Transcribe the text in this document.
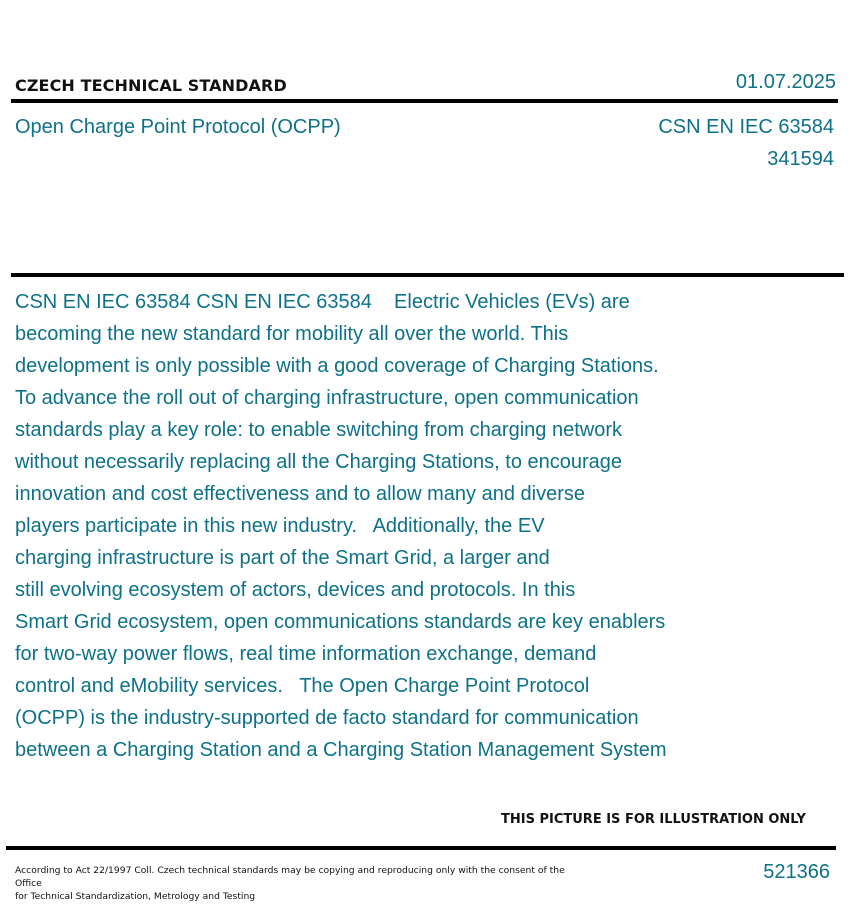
CZECH TECHNICAL STANDARD	01.07.2025
Open Charge Point Protocol (OCPP)	CSN EN IEC 63584
341594
CSN EN IEC 63584 CSN EN IEC 63584    Electric Vehicles (EVs) are
becoming the new standard for mobility all over the world. This
development is only possible with a good coverage of Charging Stations.
To advance the roll out of charging infrastructure, open communication
standards play a key role: to enable switching from charging network
without necessarily replacing all the Charging Stations, to encourage
innovation and cost effectiveness and to allow many and diverse
players participate in this new industry.   Additionally, the EV
charging infrastructure is part of the Smart Grid, a larger and
still evolving ecosystem of actors, devices and protocols. In this
Smart Grid ecosystem, open communications standards are key enablers
for two-way power flows, real time information exchange, demand
control and eMobility services.   The Open Charge Point Protocol
(OCPP) is the industry-supported de facto standard for communication
between a Charging Station and a Charging Station Management System
THIS PICTURE IS FOR ILLUSTRATION ONLY
According to Act 22/1997 Coll. Czech technical standards may be copying and reproducing only with the consent of the Office
for Technical Standardization, Metrology and Testing
521366
